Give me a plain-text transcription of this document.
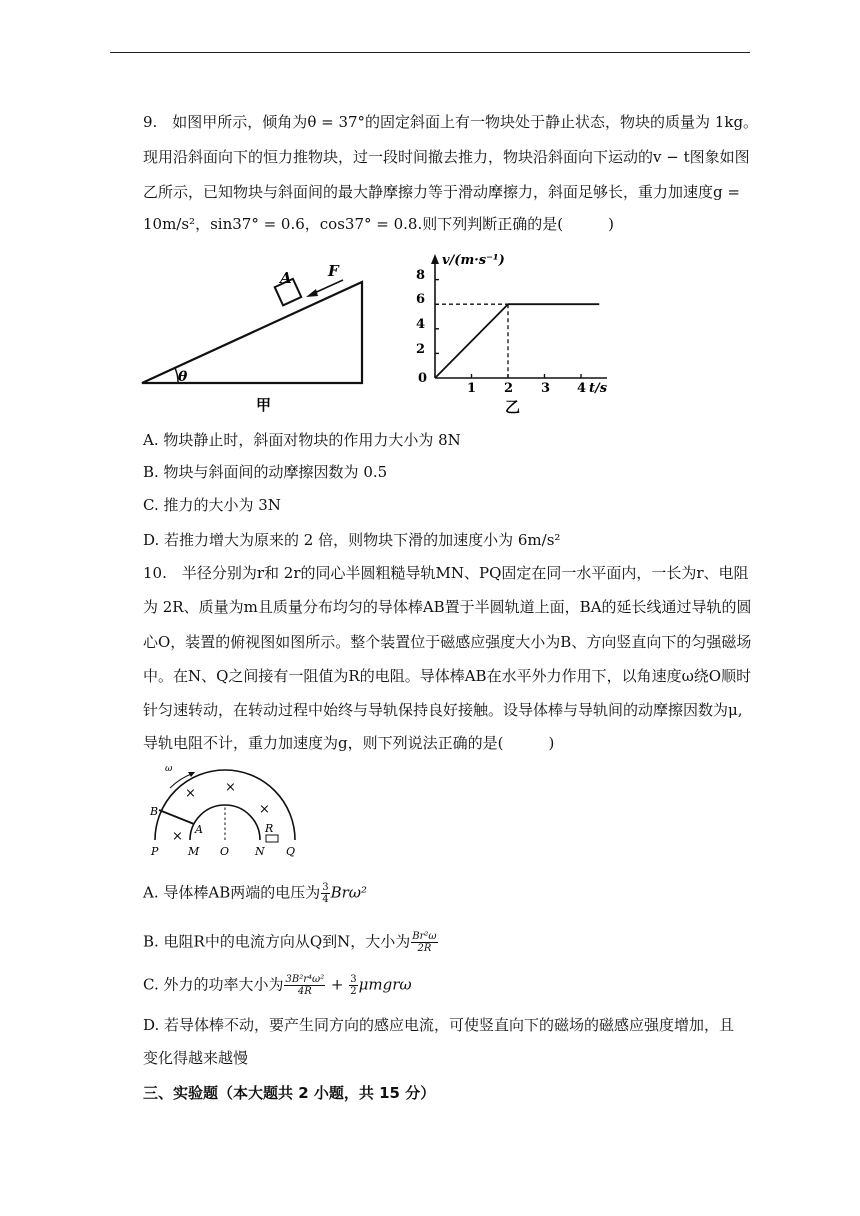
9.　如图甲所示，倾角为θ = 37°的固定斜面上有一物块处于静止状态，物块的质量为 1kg。
现用沿斜面向下的恒力推物块，过一段时间撤去推力，物块沿斜面向下运动的v − t图象如图
乙所示，已知物块与斜面间的最大静摩擦力等于滑动摩擦力，斜面足够长，重力加速度g =
10m/s²，sin37° = 0.6，cos37° = 0.8.则下列判断正确的是(　　　)
A F
θ
甲
v/(m·s⁻¹)
t/s
8
6
4
2
0
1 2 3 4
乙
A. 物块静止时，斜面对物块的作用力大小为 8N
B. 物块与斜面间的动摩擦因数为 0.5
C. 推力的大小为 3N
D. 若推力增大为原来的 2 倍，则物块下滑的加速度小为 6m/s²
10.　半径分别为r和 2r的同心半圆粗糙导轨MN、PQ固定在同一水平面内，一长为r、电阻
为 2R、质量为m且质量分布均匀的导体棒AB置于半圆轨道上面，BA的延长线通过导轨的圆
心O，装置的俯视图如图所示。整个装置位于磁感应强度大小为B、方向竖直向下的匀强磁场
中。在N、Q之间接有一阻值为R的电阻。导体棒AB在水平外力作用下，以角速度ω绕O顺时
针匀速转动，在转动过程中始终与导轨保持良好接触。设导体棒与导轨间的动摩擦因数为μ,
导轨电阻不计，重力加速度为g，则下列说法正确的是(　　　)
ω
B
A	R
P	M O N Q
× ×
×
×
A. 导体棒AB两端的电压为 $\frac{3}{4} Br\omega^2$
B. 电阻R中的电流方向从Q到N，大小为 $\frac{\text{Br²ω}}{2R}$
C. 外力的功率大小为 $\frac{\text{3B²r⁴ω²}}{4R} + \frac{3}{2}$ μmgrω
D. 若导体棒不动，要产生同方向的感应电流，可使竖直向下的磁场的磁感应强度增加，且
变化得越来越慢
三、实验题（本大题共 2 小题，共 15 分）
